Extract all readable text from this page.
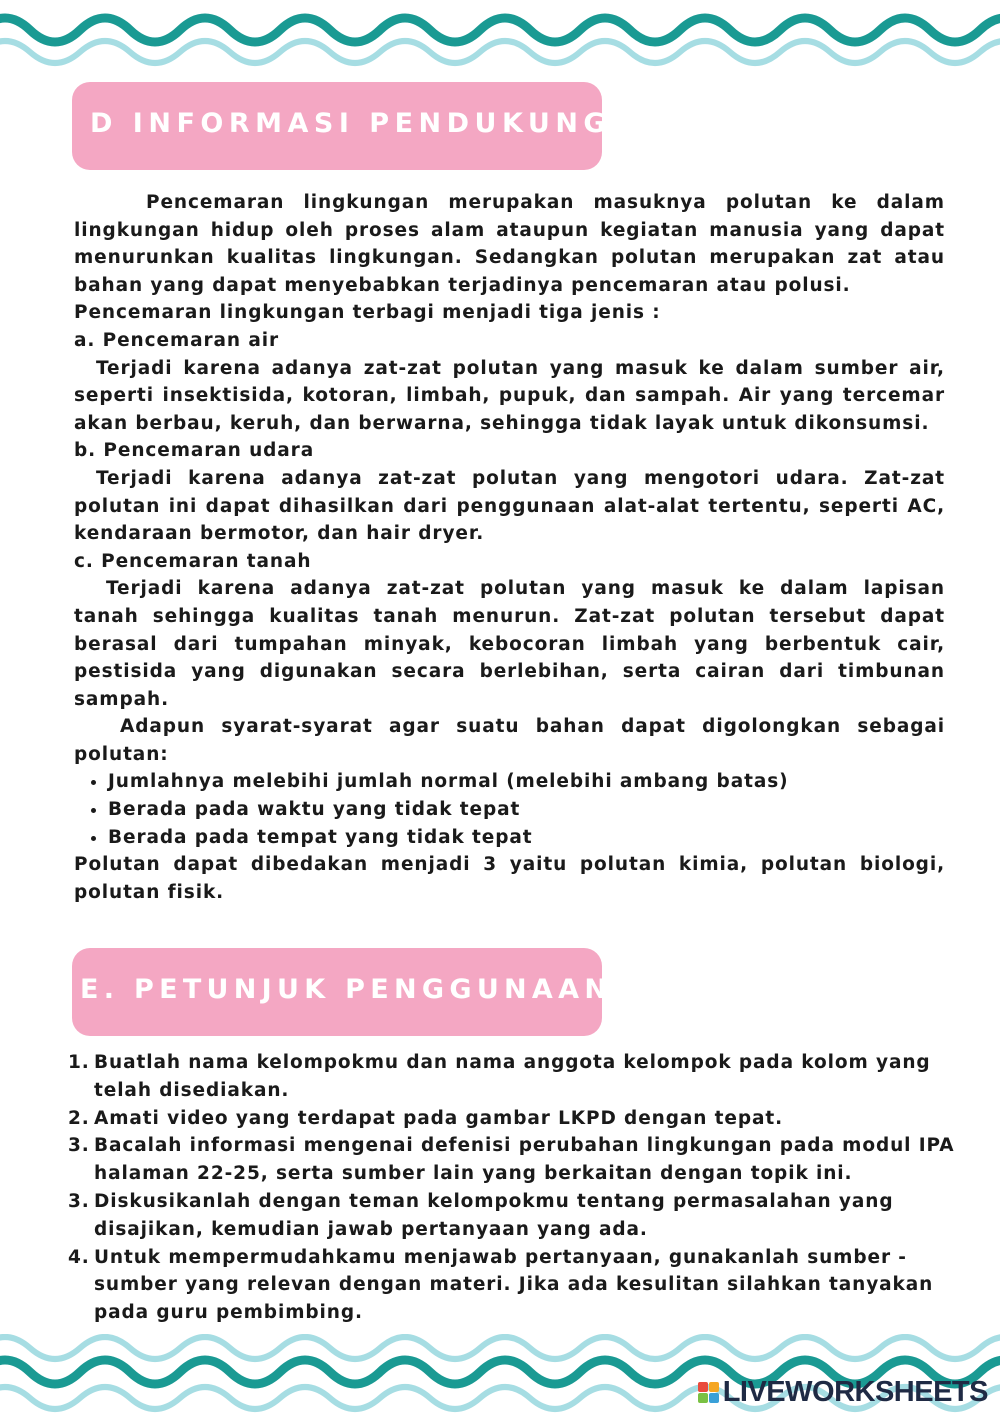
D INFORMASI PENDUKUNG

Pencemaran lingkungan merupakan masuknya polutan ke dalam lingkungan hidup oleh proses alam ataupun kegiatan manusia yang dapat menurunkan kualitas lingkungan. Sedangkan polutan merupakan zat atau bahan yang dapat menyebabkan terjadinya pencemaran atau polusi.

Pencemaran lingkungan terbagi menjadi tiga jenis :

a. Pencemaran air

Terjadi karena adanya zat-zat polutan yang masuk ke dalam sumber air, seperti insektisida, kotoran, limbah, pupuk, dan sampah. Air yang tercemar akan berbau, keruh, dan berwarna, sehingga tidak layak untuk dikonsumsi.

b. Pencemaran udara

Terjadi karena adanya zat-zat polutan yang mengotori udara. Zat-zat polutan ini dapat dihasilkan dari penggunaan alat-alat tertentu, seperti AC, kendaraan bermotor, dan hair dryer.

c. Pencemaran tanah

Terjadi karena adanya zat-zat polutan yang masuk ke dalam lapisan tanah sehingga kualitas tanah menurun. Zat-zat polutan tersebut dapat berasal dari tumpahan minyak, kebocoran limbah yang berbentuk cair, pestisida yang digunakan secara berlebihan, serta cairan dari timbunan sampah.

Adapun syarat-syarat agar suatu bahan dapat digolongkan sebagai polutan:

• Jumlahnya melebihi jumlah normal (melebihi ambang batas)
• Berada pada waktu yang tidak tepat
• Berada pada tempat yang tidak tepat

Polutan dapat dibedakan menjadi 3 yaitu polutan kimia, polutan biologi, polutan fisik.

E. PETUNJUK PENGGUNAAN
1. Buatlah nama kelompokmu dan nama anggota kelompok pada kolom yang telah disediakan.
2. Amati video yang terdapat pada gambar LKPD dengan tepat.
3. Bacalah informasi mengenai defenisi perubahan lingkungan pada modul IPA halaman 22-25, serta sumber lain yang berkaitan dengan topik ini.
3. Diskusikanlah dengan teman kelompokmu tentang permasalahan yang disajikan, kemudian jawab pertanyaan yang ada.
4. Untuk mempermudahkamu menjawab pertanyaan, gunakanlah sumber - sumber yang relevan dengan materi. Jika ada kesulitan silahkan tanyakan pada guru pembimbing.
LIVEWORKSHEETS
